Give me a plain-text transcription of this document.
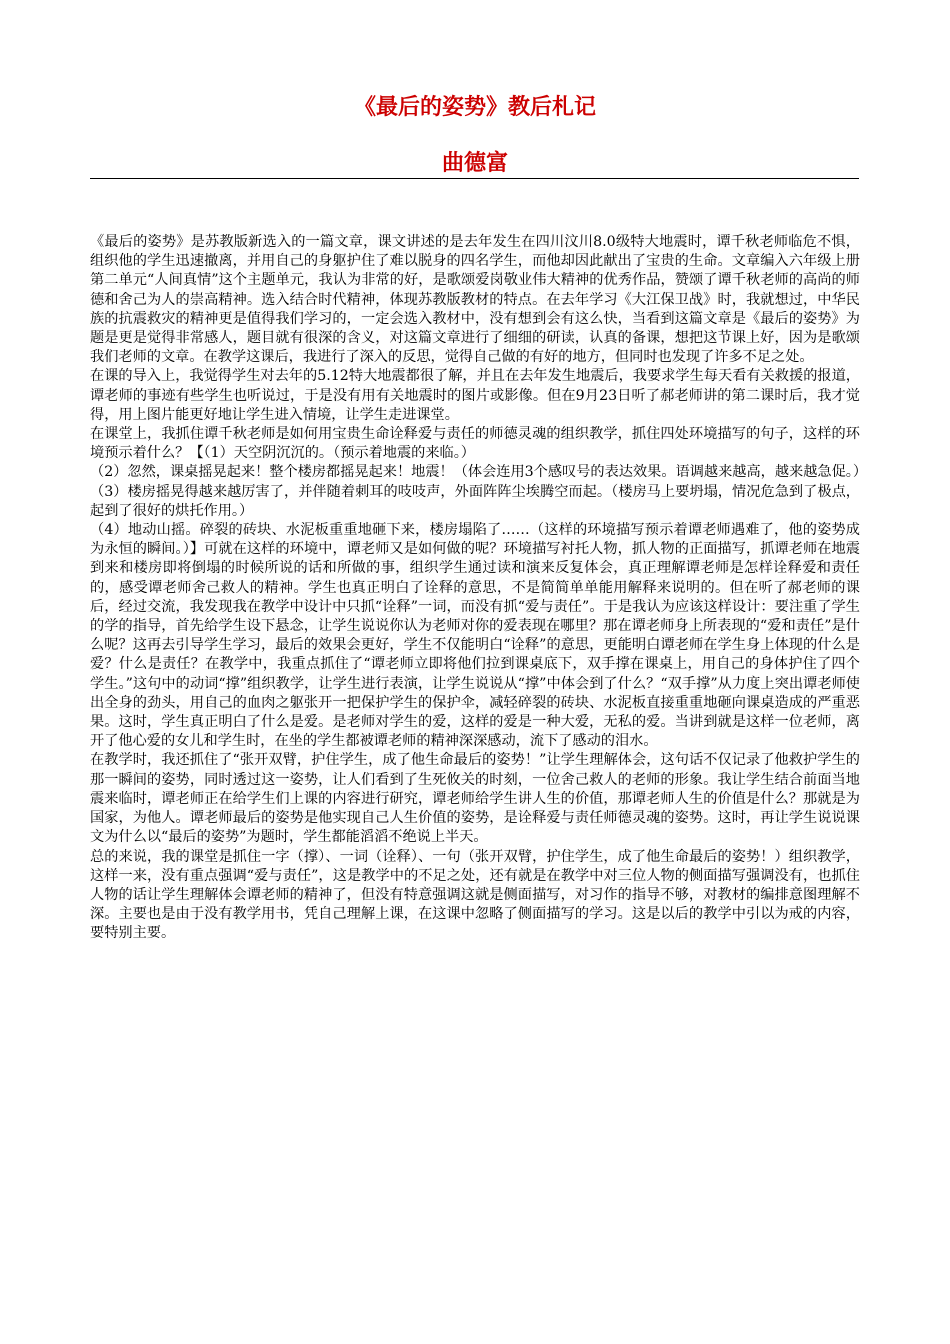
《最后的姿势》教后札记
曲德富

《最后的姿势》是苏教版新选入的一篇文章，课文讲述的是去年发生在四川汶川8.0级特大地震时，谭千秋老师临危不惧，组织他的学生迅速撤离，并用自己的身躯护住了难以脱身的四名学生，而他却因此献出了宝贵的生命。文章编入六年级上册第二单元“人间真情”这个主题单元，我认为非常的好，是歌颂爱岗敬业伟大精神的优秀作品，赞颂了谭千秋老师的高尚的师德和舍己为人的崇高精神。选入结合时代精神，体现苏教版教材的特点。在去年学习《大江保卫战》时，我就想过，中华民族的抗震救灾的精神更是值得我们学习的，一定会选入教材中，没有想到会有这么快，当看到这篇文章是《最后的姿势》为题是更是觉得非常感人，题目就有很深的含义，对这篇文章进行了细细的研读，认真的备课，想把这节课上好，因为是歌颂我们老师的文章。在教学这课后，我进行了深入的反思，觉得自己做的有好的地方，但同时也发现了许多不足之处。

在课的导入上，我觉得学生对去年的5.12特大地震都很了解，并且在去年发生地震后，我要求学生每天看有关救援的报道，谭老师的事迹有些学生也听说过，于是没有用有关地震时的图片或影像。但在9月23日听了郝老师讲的第二课时后，我才觉得，用上图片能更好地让学生进入情境，让学生走进课堂。

在课堂上，我抓住谭千秋老师是如何用宝贵生命诠释爱与责任的师德灵魂的组织教学，抓住四处环境描写的句子，这样的环境预示着什么？【（1）天空阴沉沉的。（预示着地震的来临。）

（2）忽然，课桌摇晃起来！整个楼房都摇晃起来！地震！（体会连用3个感叹号的表达效果。语调越来越高，越来越急促。）

（3）楼房摇晃得越来越厉害了，并伴随着刺耳的吱吱声，外面阵阵尘埃腾空而起。（楼房马上要坍塌，情况危急到了极点，起到了很好的烘托作用。）

（4）地动山摇。碎裂的砖块、水泥板重重地砸下来，楼房塌陷了……（这样的环境描写预示着谭老师遇难了，他的姿势成为永恒的瞬间。）】可就在这样的环境中，谭老师又是如何做的呢？环境描写衬托人物，抓人物的正面描写，抓谭老师在地震到来和楼房即将倒塌的时候所说的话和所做的事，组织学生通过读和演来反复体会，真正理解谭老师是怎样诠释爱和责任的，感受谭老师舍己救人的精神。学生也真正明白了诠释的意思，不是简简单单能用解释来说明的。但在听了郝老师的课后，经过交流，我发现我在教学中设计中只抓“诠释”一词，而没有抓“爱与责任”。于是我认为应该这样设计：要注重了学生的学的指导，首先给学生设下悬念，让学生说说你认为老师对你的爱表现在哪里？那在谭老师身上所表现的“爱和责任”是什么呢？这再去引导学生学习，最后的效果会更好，学生不仅能明白“诠释”的意思，更能明白谭老师在学生身上体现的什么是爱？什么是责任？在教学中，我重点抓住了“谭老师立即将他们拉到课桌底下，双手撑在课桌上，用自己的身体护住了四个学生。”这句中的动词“撑”组织教学，让学生进行表演，让学生说说从“撑”中体会到了什么？“双手撑”从力度上突出谭老师使出全身的劲头，用自己的血肉之躯张开一把保护学生的保护伞，减轻碎裂的砖块、水泥板直接重重地砸向课桌造成的严重恶果。这时，学生真正明白了什么是爱。是老师对学生的爱，这样的爱是一种大爱，无私的爱。当讲到就是这样一位老师，离开了他心爱的女儿和学生时，在坐的学生都被谭老师的精神深深感动，流下了感动的泪水。

在教学时，我还抓住了“张开双臂，护住学生，成了他生命最后的姿势！”让学生理解体会，这句话不仅记录了他救护学生的那一瞬间的姿势，同时透过这一姿势，让人们看到了生死攸关的时刻，一位舍己救人的老师的形象。我让学生结合前面当地震来临时，谭老师正在给学生们上课的内容进行研究，谭老师给学生讲人生的价值，那谭老师人生的价值是什么？那就是为国家，为他人。谭老师最后的姿势是他实现自己人生价值的姿势，是诠释爱与责任师德灵魂的姿势。这时，再让学生说说课文为什么以“最后的姿势”为题时，学生都能滔滔不绝说上半天。

总的来说，我的课堂是抓住一字（撑）、一词（诠释）、一句（张开双臂，护住学生，成了他生命最后的姿势！）组织教学，这样一来，没有重点强调“爱与责任”，这是教学中的不足之处，还有就是在教学中对三位人物的侧面描写强调没有，也抓住人物的话让学生理解体会谭老师的精神了，但没有特意强调这就是侧面描写，对习作的指导不够，对教材的编排意图理解不深。主要也是由于没有教学用书，凭自己理解上课，在这课中忽略了侧面描写的学习。这是以后的教学中引以为戒的内容，要特别主要。
